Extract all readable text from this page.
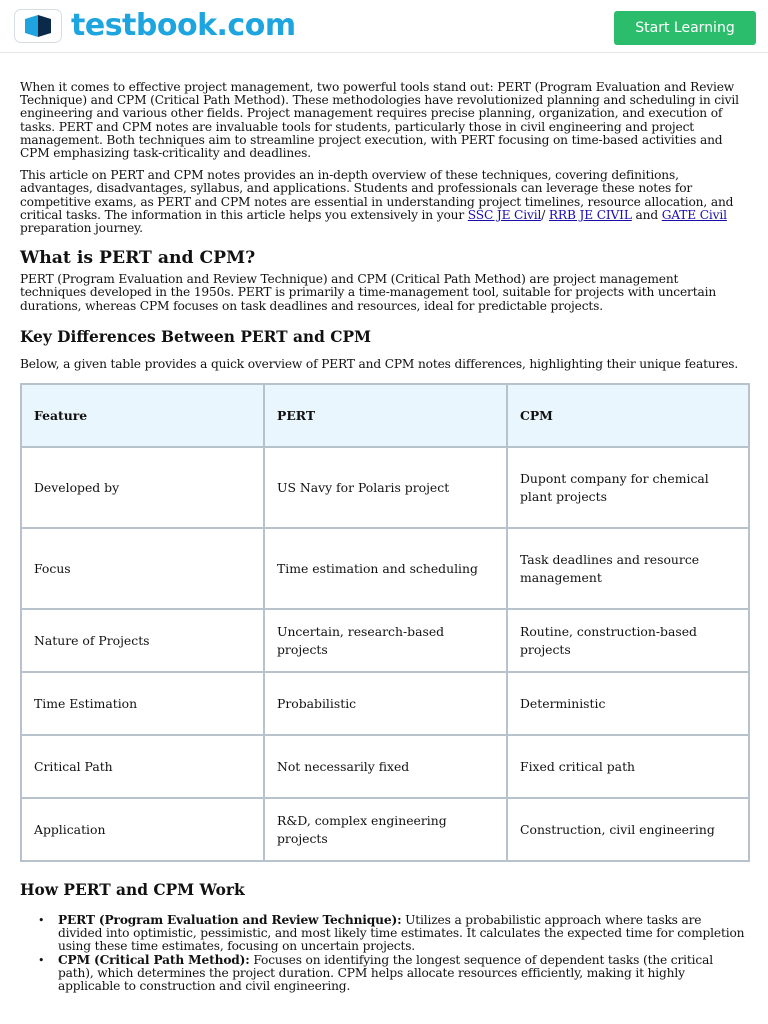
testbook.com	Start Learning

When it comes to effective project management, two powerful tools stand out: PERT (Program Evaluation and Review Technique) and CPM (Critical Path Method). These methodologies have revolutionized planning and scheduling in civil engineering and various other fields. Project management requires precise planning, organization, and execution of tasks. PERT and CPM notes are invaluable tools for students, particularly those in civil engineering and project management. Both techniques aim to streamline project execution, with PERT focusing on time-based activities and CPM emphasizing task-criticality and deadlines.

This article on PERT and CPM notes provides an in-depth overview of these techniques, covering definitions, advantages, disadvantages, syllabus, and applications. Students and professionals can leverage these notes for competitive exams, as PERT and CPM notes are essential in understanding project timelines, resource allocation, and critical tasks. The information in this article helps you extensively in your SSC JE Civil/ RRB JE CIVIL and GATE Civil preparation journey.

What is PERT and CPM?

PERT (Program Evaluation and Review Technique) and CPM (Critical Path Method) are project management techniques developed in the 1950s. PERT is primarily a time-management tool, suitable for projects with uncertain durations, whereas CPM focuses on task deadlines and resources, ideal for predictable projects.

Key Differences Between PERT and CPM

Below, a given table provides a quick overview of PERT and CPM notes differences, highlighting their unique features.

Feature	PERT	CPM
Developed by	US Navy for Polaris project	Dupont company for chemical plant projects
Focus	Time estimation and scheduling	Task deadlines and resource management
Nature of Projects	Uncertain, research-based projects	Routine, construction-based projects
Time Estimation	Probabilistic	Deterministic
Critical Path	Not necessarily fixed	Fixed critical path
Application	R&D, complex engineering projects	Construction, civil engineering
How PERT and CPM Work
• PERT (Program Evaluation and Review Technique): Utilizes a probabilistic approach where tasks are divided into optimistic, pessimistic, and most likely time estimates. It calculates the expected time for completion using these time estimates, focusing on uncertain projects.
• CPM (Critical Path Method): Focuses on identifying the longest sequence of dependent tasks (the critical path), which determines the project duration. CPM helps allocate resources efficiently, making it highly applicable to construction and civil engineering.
